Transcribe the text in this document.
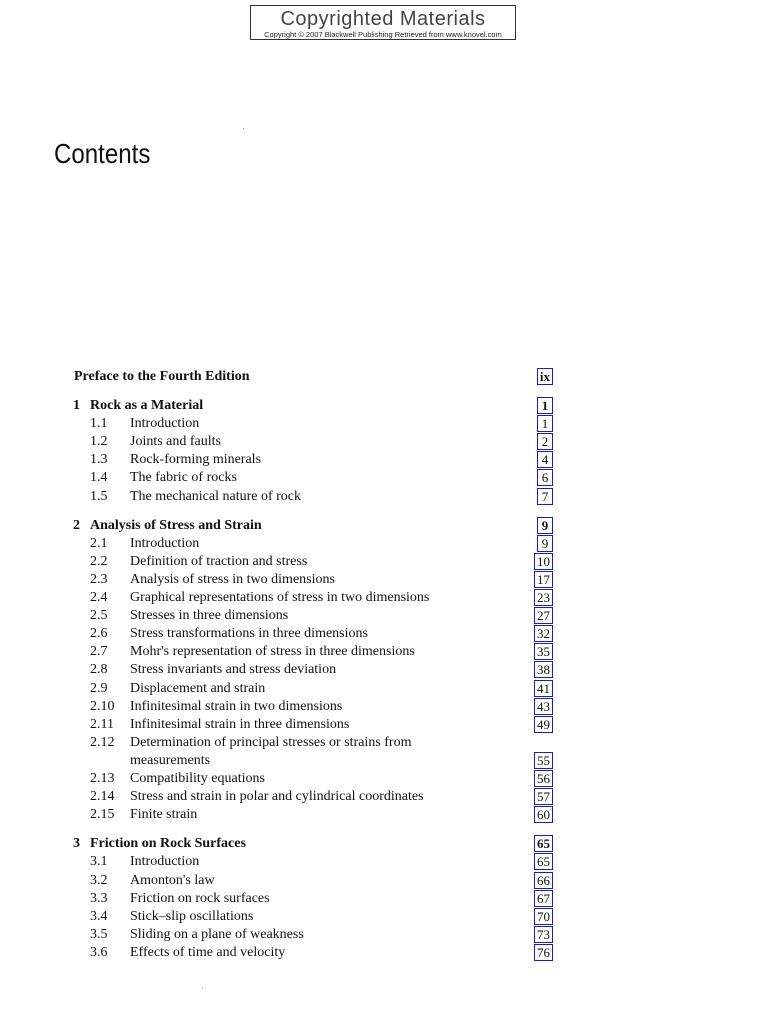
Copyrighted Materials
Copyright © 2007 Blackwell Publishing Retrieved from www.knovel.com
Contents
Preface to the Fourth Edition	ix
1 Rock as a Material	1
1.1 Introduction	1
1.2 Joints and faults	2
1.3 Rock-forming minerals	4
1.4 The fabric of rocks	6
1.5 The mechanical nature of rock	7
2 Analysis of Stress and Strain	9
2.1 Introduction	9
2.2 Definition of traction and stress	10
2.3 Analysis of stress in two dimensions	17
2.4 Graphical representations of stress in two dimensions	23
2.5 Stresses in three dimensions	27
2.6 Stress transformations in three dimensions	32
2.7 Mohr's representation of stress in three dimensions	35
2.8 Stress invariants and stress deviation	38
2.9 Displacement and strain	41
2.10 Infinitesimal strain in two dimensions	43
2.11 Infinitesimal strain in three dimensions	49
2.12 Determination of principal stresses or strains from
measurements	55
2.13 Compatibility equations	56
2.14 Stress and strain in polar and cylindrical coordinates	57
2.15 Finite strain	60
3 Friction on Rock Surfaces	65
3.1 Introduction	65
3.2 Amonton's law	66
3.3 Friction on rock surfaces	67
3.4 Stick–slip oscillations	70
3.5 Sliding on a plane of weakness	73
3.6 Effects of time and velocity	76
